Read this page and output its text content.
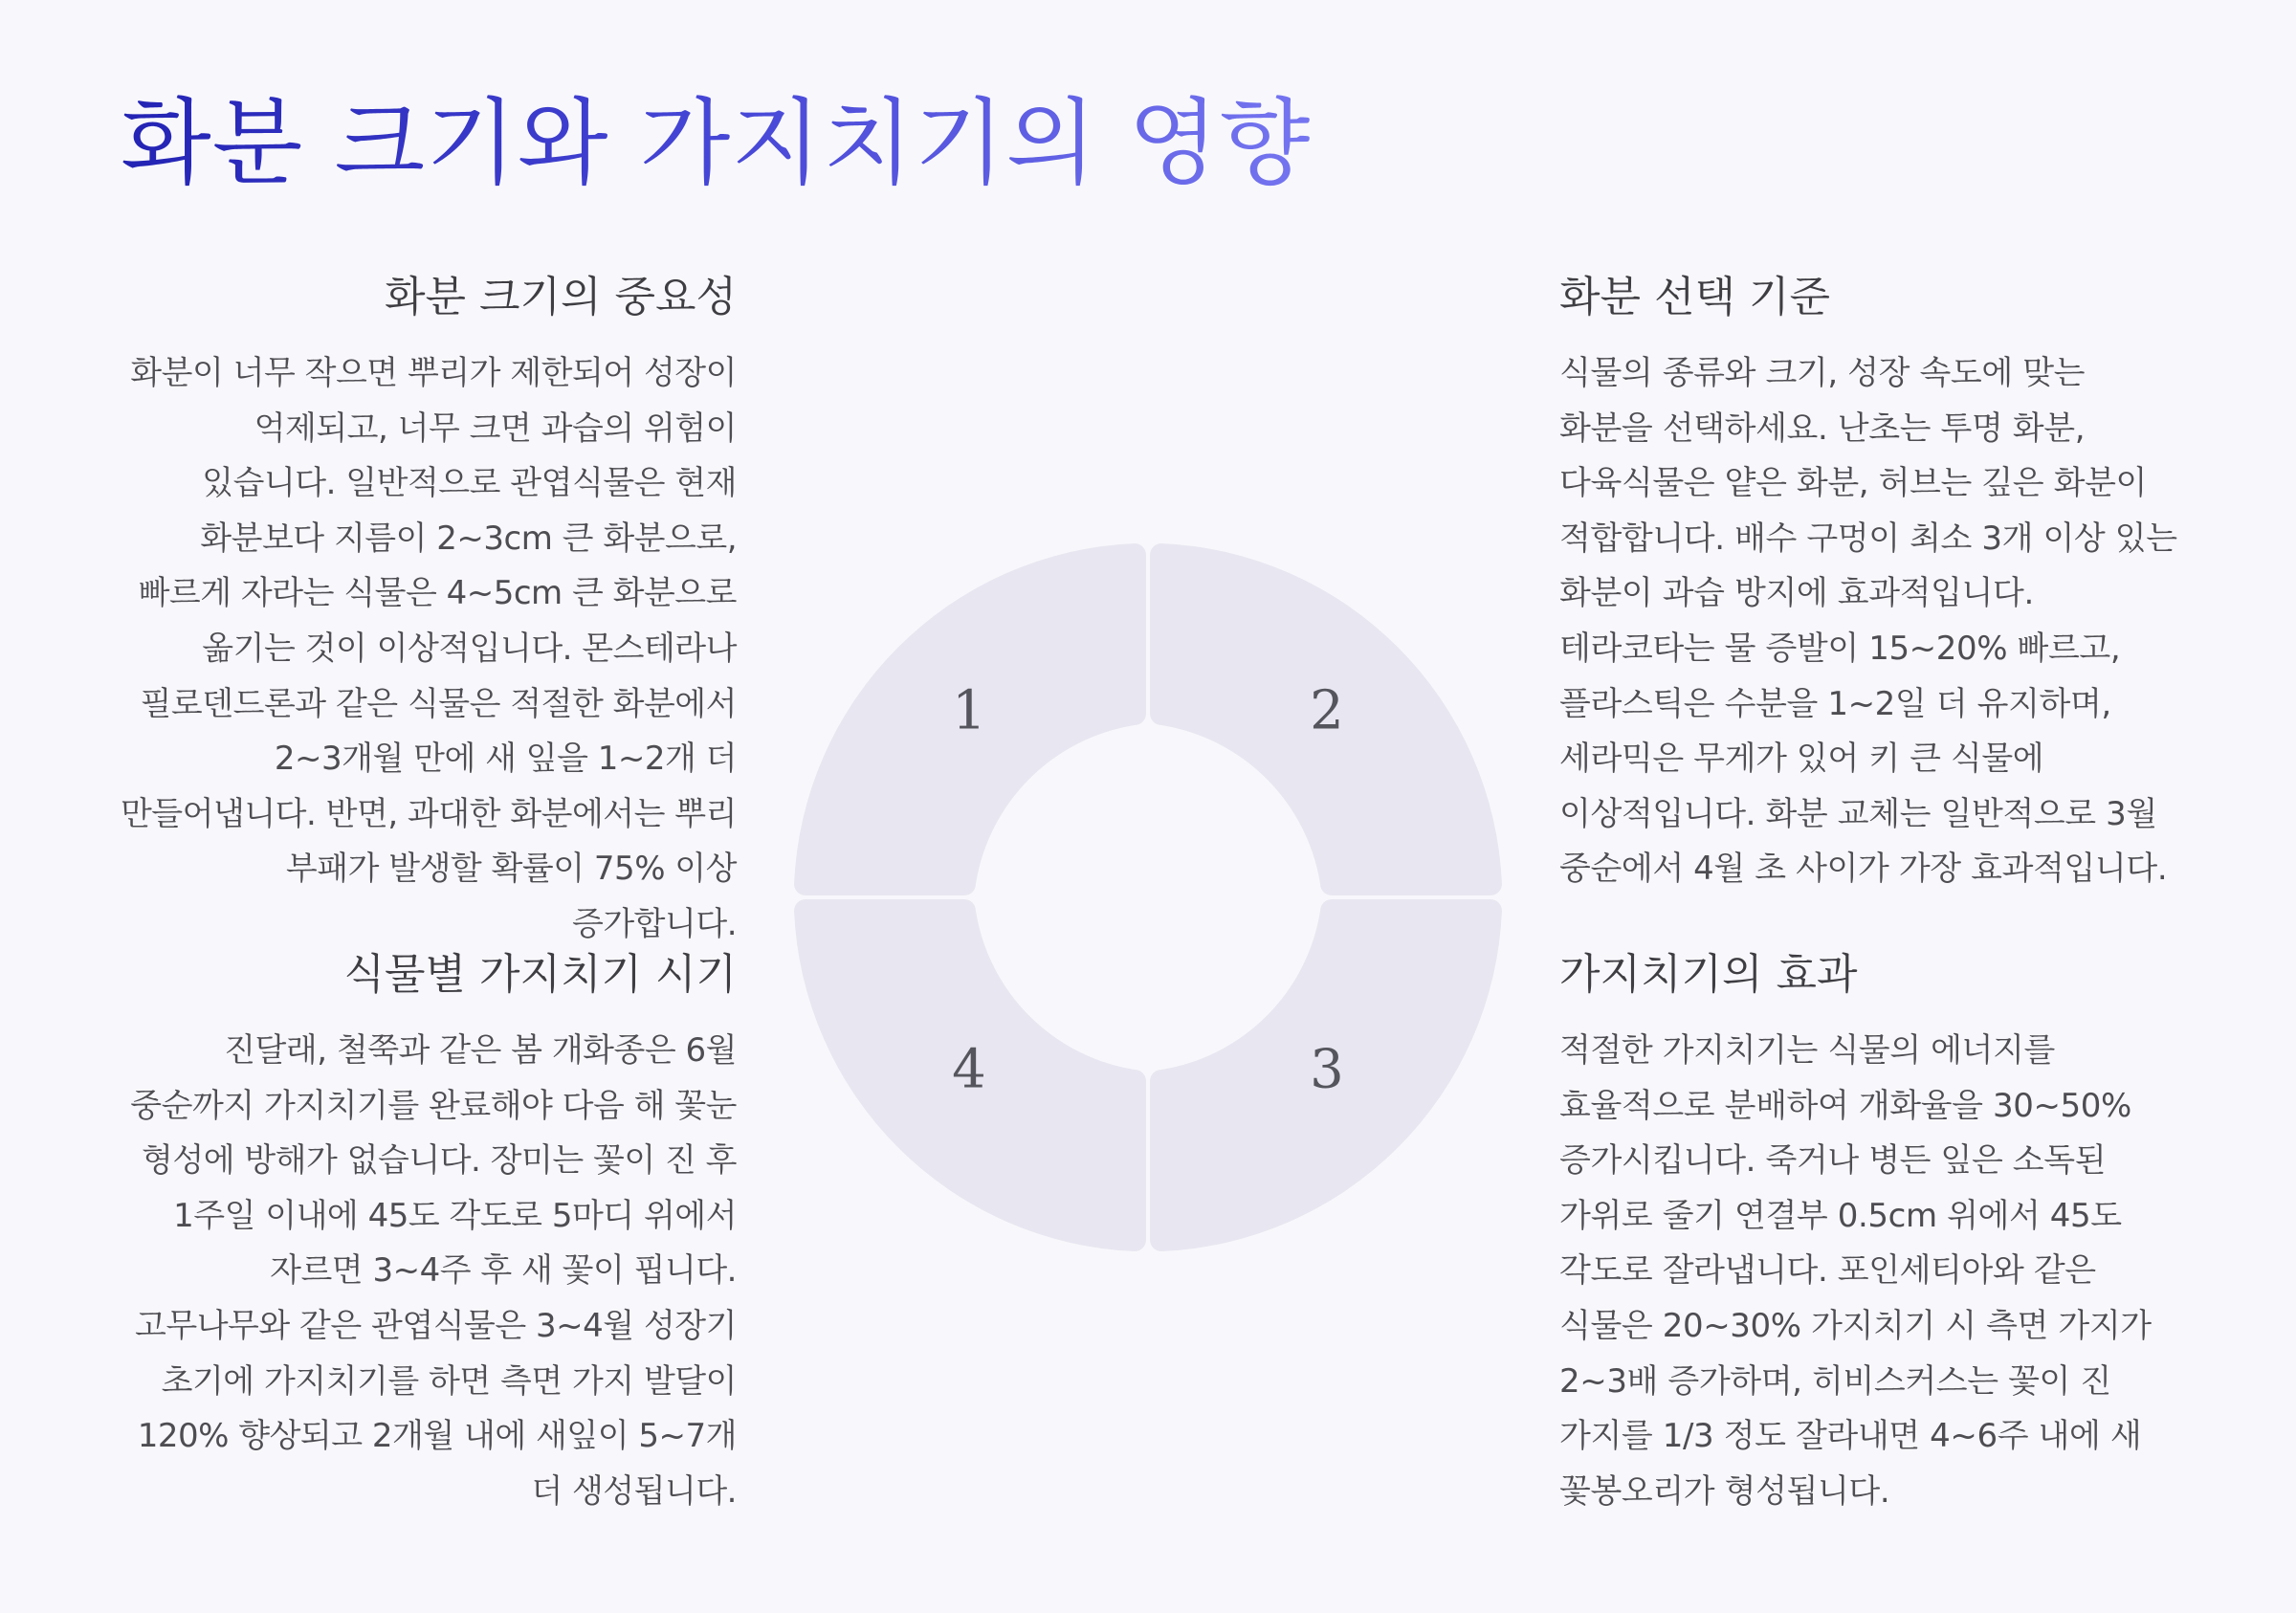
화분 크기와 가지치기의 영향
화분 크기의 중요성

화분이 너무 작으면 뿌리가 제한되어 성장이 억제되고, 너무 크면 과습의 위험이 있습니다. 일반적으로 관엽식물은 현재 화분보다 지름이 2~3cm 큰 화분으로, 빠르게 자라는 식물은 4~5cm 큰 화분으로 옮기는 것이 이상적입니다. 몬스테라나 필로덴드론과 같은 식물은 적절한 화분에서 2~3개월 만에 새 잎을 1~2개 더 만들어냅니다. 반면, 과대한 화분에서는 뿌리 부패가 발생할 확률이 75% 이상 증가합니다.

화분 선택 기준

식물의 종류와 크기, 성장 속도에 맞는 화분을 선택하세요. 난초는 투명 화분, 다육식물은 얕은 화분, 허브는 깊은 화분이 적합합니다. 배수 구멍이 최소 3개 이상 있는 화분이 과습 방지에 효과적입니다. 테라코타는 물 증발이 15~20% 빠르고, 플라스틱은 수분을 1~2일 더 유지하며, 세라믹은 무게가 있어 키 큰 식물에 이상적입니다. 화분 교체는 일반적으로 3월 중순에서 4월 초 사이가 가장 효과적입니다.

식물별 가지치기 시기

진달래, 철쭉과 같은 봄 개화종은 6월 중순까지 가지치기를 완료해야 다음 해 꽃눈 형성에 방해가 없습니다. 장미는 꽃이 진 후 1주일 이내에 45도 각도로 5마디 위에서 자르면 3~4주 후 새 꽃이 핍니다. 고무나무와 같은 관엽식물은 3~4월 성장기 초기에 가지치기를 하면 측면 가지 발달이 120% 향상되고 2개월 내에 새잎이 5~7개 더 생성됩니다.

가지치기의 효과

적절한 가지치기는 식물의 에너지를 효율적으로 분배하여 개화율을 30~50% 증가시킵니다. 죽거나 병든 잎은 소독된 가위로 줄기 연결부 0.5cm 위에서 45도 각도로 잘라냅니다. 포인세티아와 같은 식물은 20~30% 가지치기 시 측면 가지가 2~3배 증가하며, 히비스커스는 꽃이 진 가지를 1/3 정도 잘라내면 4~6주 내에 새 꽃봉오리가 형성됩니다.

1	2
3
4
